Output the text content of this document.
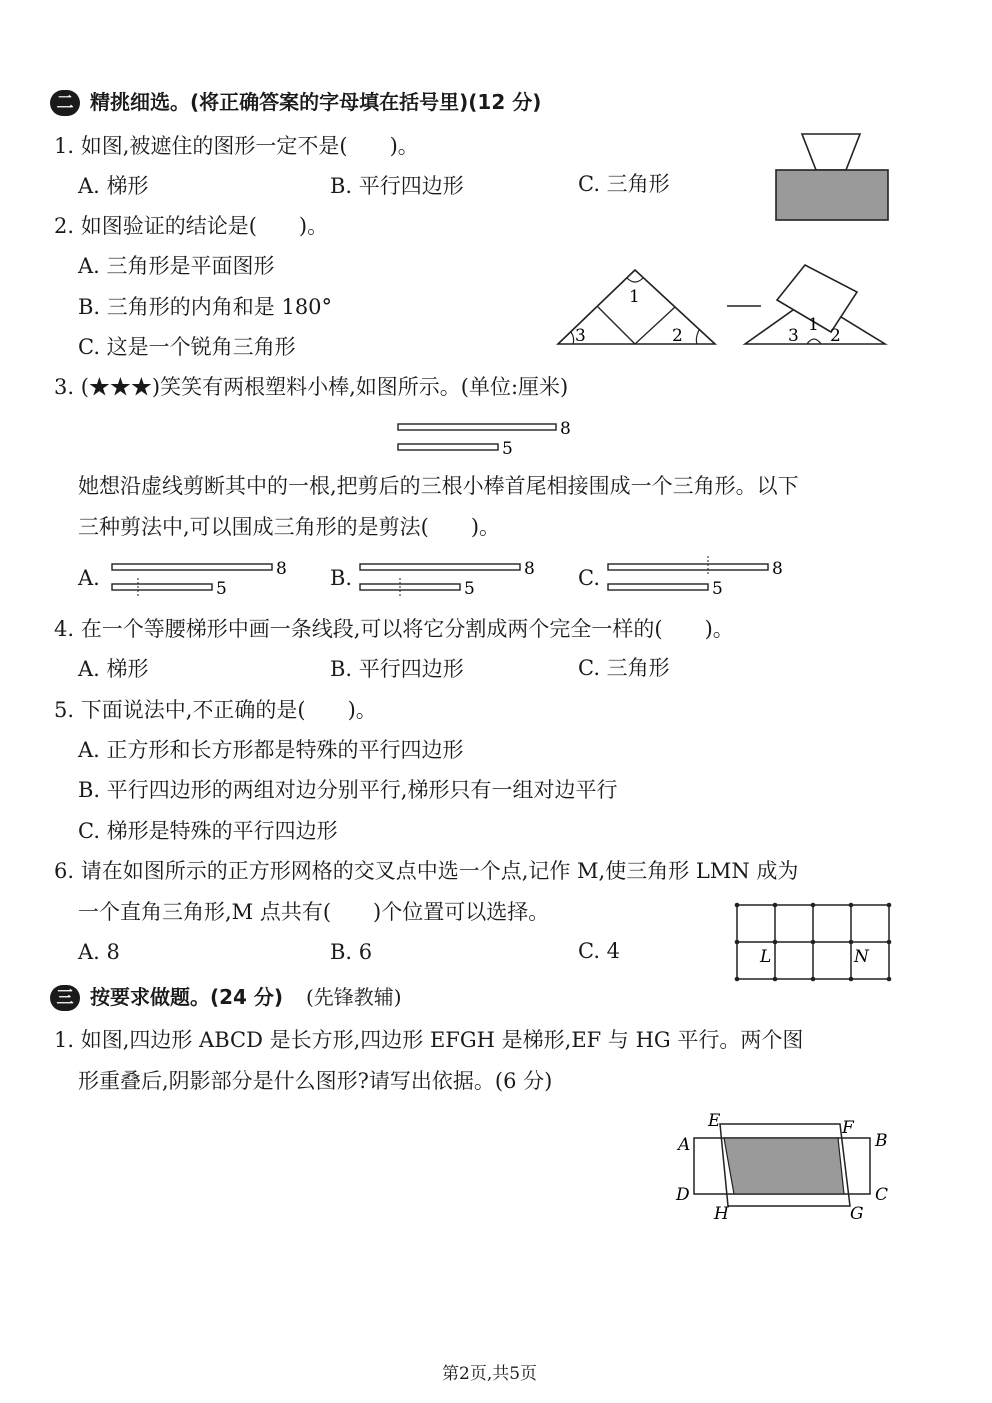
二 精挑细选。(将正确答案的字母填在括号里)(12 分)
1. 如图,被遮住的图形一定不是(　　)。
A. 梯形	B. 平行四边形	C. 三角形
2. 如图验证的结论是(　　)。
A. 三角形是平面图形
B. 三角形的内角和是 180°
C. 这是一个锐角三角形
1
3	2	3
1
2
3. (★★★)笑笑有两根塑料小棒,如图所示。(单位:厘米)
8
5
她想沿虚线剪断其中的一根,把剪后的三根小棒首尾相接围成一个三角形。以下
三种剪法中,可以围成三角形的是剪法(　　)。
A.	8
5	B.	8
5	C.	8
5
4. 在一个等腰梯形中画一条线段,可以将它分割成两个完全一样的(　　)。
A. 梯形	B. 平行四边形	C. 三角形
5. 下面说法中,不正确的是(　　)。
A. 正方形和长方形都是特殊的平行四边形
B. 平行四边形的两组对边分别平行,梯形只有一组对边平行
C. 梯形是特殊的平行四边形
6. 请在如图所示的正方形网格的交叉点中选一个点,记作 M,使三角形 LMN 成为
一个直角三角形,M 点共有(　　)个位置可以选择。
A. 8	B. 6	C. 4	L	N
三 按要求做题。(24 分) (先锋教辅)
1. 如图,四边形 ABCD 是长方形,四边形 EFGH 是梯形,EF 与 HG 平行。两个图
形重叠后,阴影部分是什么图形?请写出依据。(6 分)
A	B
C
D
E	F
G
H
第2页,共5页
